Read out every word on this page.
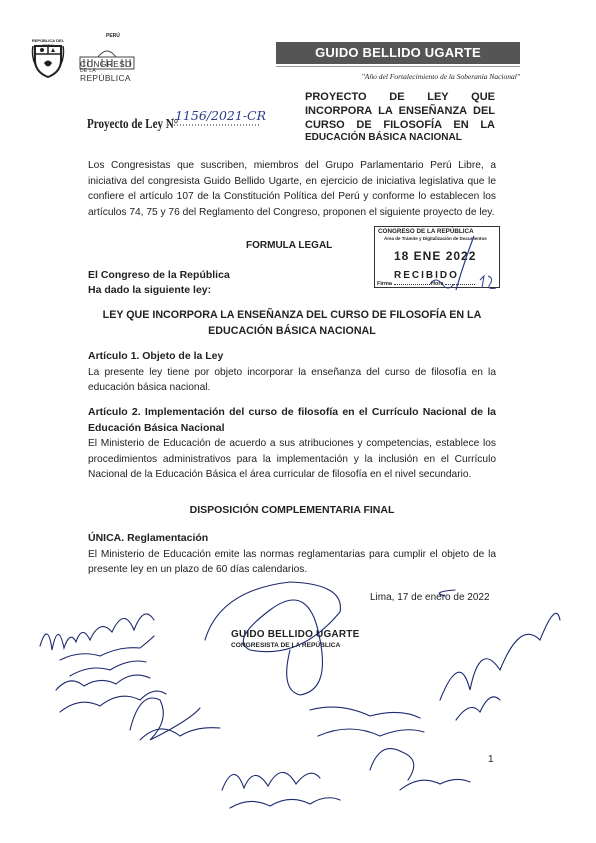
REPÚBLICA DEL PERÚ
PERÚ
CONGRESO
DE LA
REPÚBLICA
GUIDO BELLIDO UGARTE
"Año del Fortalecimiento de la Soberanía Nacional"
Proyecto de Ley N°
.1156/2021-CR
PROYECTO DE LEY QUE
INCORPORA LA ENSEÑANZA DEL
CURSO DE FILOSOFÍA EN LA
EDUCACIÓN BÁSICA NACIONAL
Los Congresistas que suscriben, miembros del Grupo Parlamentario Perú Libre, a iniciativa del congresista Guido Bellido Ugarte, en ejercicio de iniciativa legislativa que le confiere el artículo 107 de la Constitución Política del Perú y conforme lo establecen los artículos 74, 75 y 76 del Reglamento del Congreso, proponen el siguiente proyecto de ley.
FORMULA LEGAL
El Congreso de la República
Ha dado la siguiente ley:
CONGRESO DE LA REPÚBLICA
Área de Trámite y Digitalización de Documentos
18 ENE 2022
RECIBIDO
Firma	Hora
LEY QUE INCORPORA LA ENSEÑANZA DEL CURSO DE FILOSOFÍA EN LA EDUCACIÓN BÁSICA NACIONAL
Artículo 1. Objeto de la Ley
La presente ley tiene por objeto incorporar la enseñanza del curso de filosofía en la educación básica nacional.
Artículo 2. Implementación del curso de filosofía en el Currículo Nacional de la Educación Básica Nacional
El Ministerio de Educación de acuerdo a sus atribuciones y competencias, establece los procedimientos administrativos para la implementación y la inclusión en el Currículo Nacional de la Educación Básica el área curricular de filosofía en el nivel secundario.
DISPOSICIÓN COMPLEMENTARIA FINAL
ÚNICA. Reglamentación
El Ministerio de Educación emite las normas reglamentarias para cumplir el objeto de la presente ley en un plazo de 60 días calendarios.
Lima, 17 de enero de 2022
GUIDO BELLIDO UGARTE
CONGRESISTA DE LA REPÚBLICA
1
